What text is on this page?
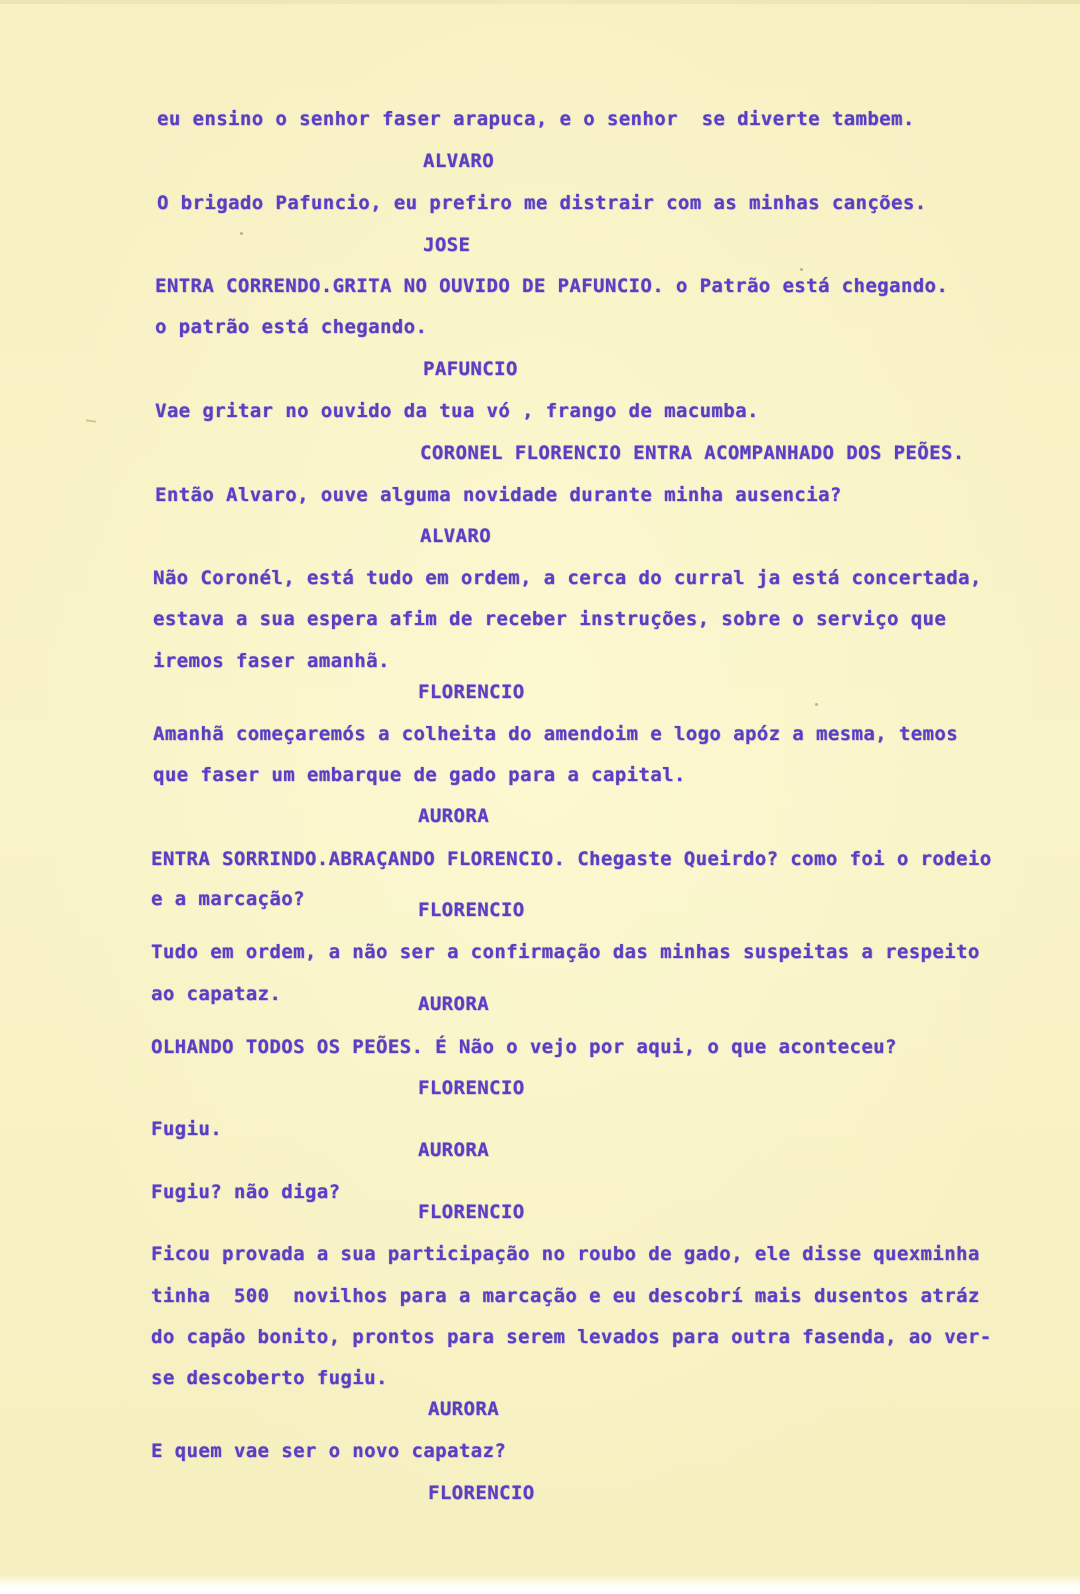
eu ensino o senhor faser arapuca, e o senhor  se diverte tambem.
ALVARO
O brigado Pafuncio, eu prefiro me distrair com as minhas canções.
JOSE
ENTRA CORRENDO.GRITA NO OUVIDO DE PAFUNCIO. o Patrão está chegando.
o patrão está chegando.
PAFUNCIO
Vae gritar no ouvido da tua vó , frango de macumba.
CORONEL FLORENCIO ENTRA ACOMPANHADO DOS PEÕES.
Então Alvaro, ouve alguma novidade durante minha ausencia?
ALVARO
Não Coronél, está tudo em ordem, a cerca do curral ja está concertada,
estava a sua espera afim de receber instruções, sobre o serviço que
iremos faser amanhã.
FLORENCIO
Amanhã começaremós a colheita do amendoim e logo apóz a mesma, temos
que faser um embarque de gado para a capital.
AURORA
ENTRA SORRINDO.ABRAÇANDO FLORENCIO. Chegaste Queirdo? como foi o rodeio
e a marcação?	FLORENCIO
Tudo em ordem, a não ser a confirmação das minhas suspeitas a respeito
ao capataz.	AURORA
OLHANDO TODOS OS PEÕES. É Não o vejo por aqui, o que aconteceu?
FLORENCIO
Fugiu.
AURORA
Fugiu? não diga?
FLORENCIO
Ficou provada a sua participação no roubo de gado, ele disse quexminha
tinha  500  novilhos para a marcação e eu descobrí mais dusentos atráz
do capão bonito, prontos para serem levados para outra fasenda, ao ver-
se descoberto fugiu.
AURORA
E quem vae ser o novo capataz?
FLORENCIO
